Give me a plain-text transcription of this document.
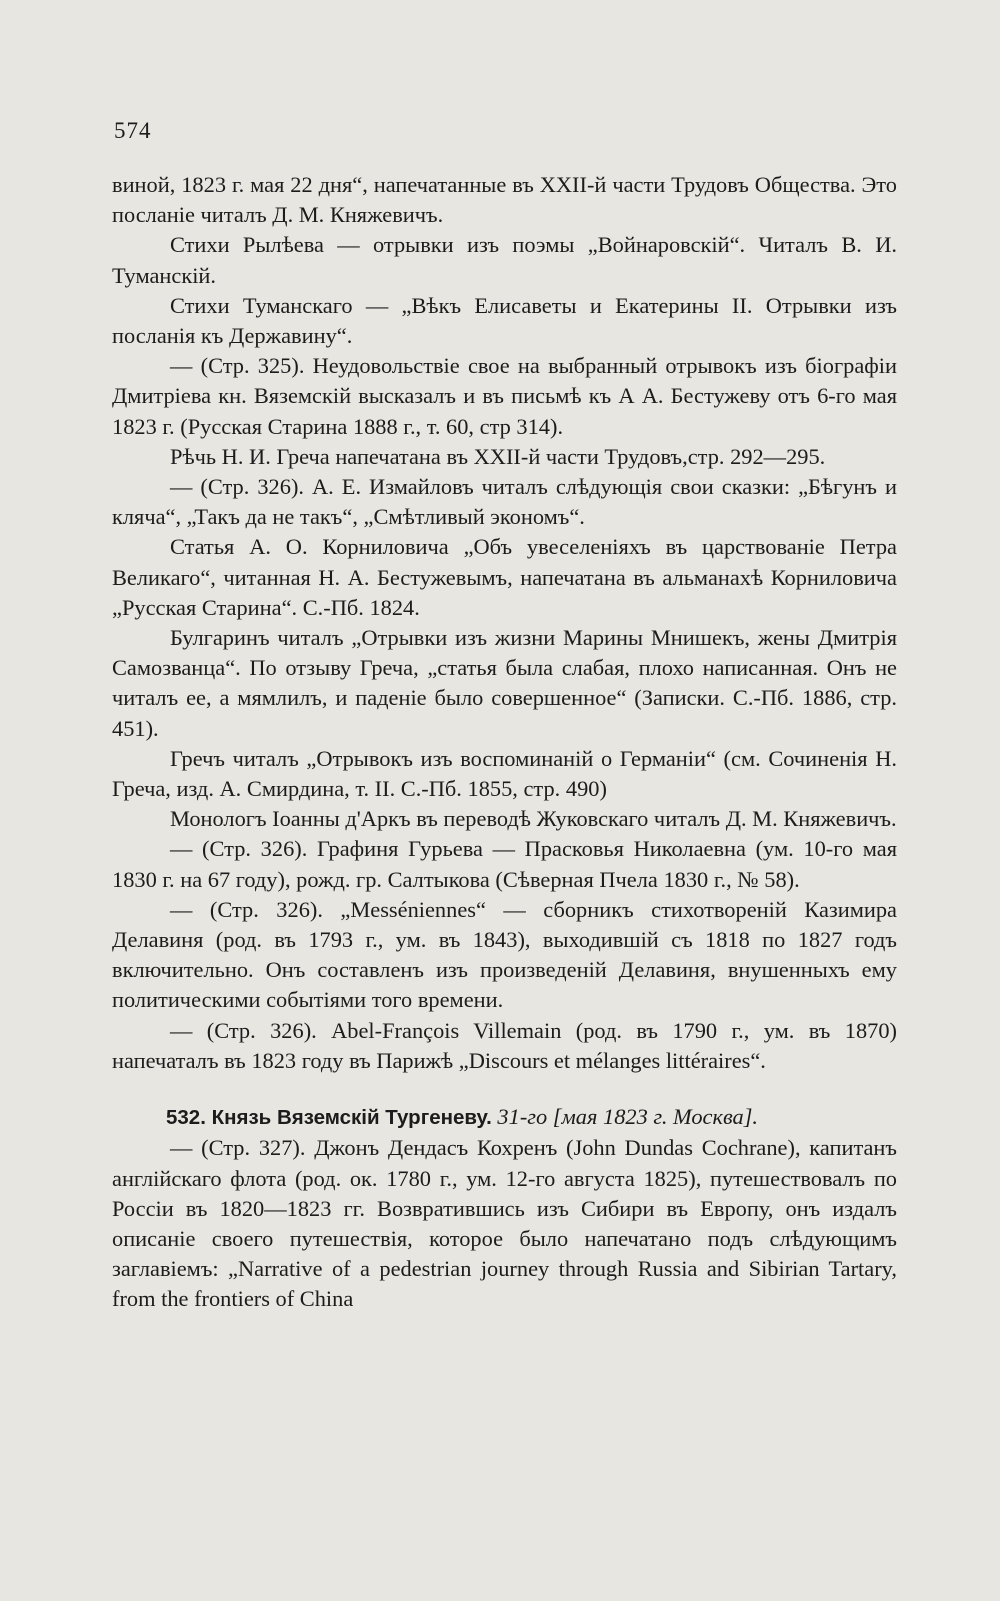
574

виной, 1823 г. мая 22 дня“, напечатанные въ XXII-й части Трудовъ Общества. Это посланіе читалъ Д. М. Княжевичъ.

Стихи Рылѣева — отрывки изъ поэмы „Войнаровскій“. Читалъ В. И. Туманскій.

Стихи Туманскаго — „Вѣкъ Елисаветы и Екатерины II. Отрывки изъ посланія къ Державину“.

— (Стр. 325). Неудовольствіе свое на выбранный отрывокъ изъ біографіи Дмитріева кн. Вяземскій высказалъ и въ письмѣ къ А А. Бестужеву отъ 6-го мая 1823 г. (Русская Старина 1888 г., т. 60, стр 314).

Рѣчь Н. И. Греча напечатана въ XXII-й части Трудовъ,стр. 292—295.

— (Стр. 326). А. Е. Измайловъ читалъ слѣдующія свои сказки: „Бѣгунъ и кляча“, „Такъ да не такъ“, „Смѣтливый экономъ“.

Статья А. О. Корниловича „Объ увеселеніяхъ въ царствованіе Петра Великаго“, читанная Н. А. Бестужевымъ, напечатана въ альманахѣ Корниловича „Русская Старина“. С.-Пб. 1824.

Булгаринъ читалъ „Отрывки изъ жизни Марины Мнишекъ, жены Дмитрія Самозванца“. По отзыву Греча, „статья была слабая, плохо написанная. Онъ не читалъ ее, а мямлилъ, и паденіе было совершенное“ (Записки. С.-Пб. 1886, стр. 451).

Гречъ читалъ „Отрывокъ изъ воспоминаній о Германіи“ (см. Сочиненія Н. Греча, изд. А. Смирдина, т. II. С.-Пб. 1855, стр. 490)

Монологъ Іоанны д'Аркъ въ переводѣ Жуковскаго читалъ Д. М. Княжевичъ.

— (Стр. 326). Графиня Гурьева — Прасковья Николаевна (ум. 10-го мая 1830 г. на 67 году), рожд. гр. Салтыкова (Сѣверная Пчела 1830 г., № 58).

— (Стр. 326). „Messéniennes“ — сборникъ стихотвореній Казимира Делавиня (род. въ 1793 г., ум. въ 1843), выходившій съ 1818 по 1827 годъ включительно. Онъ составленъ изъ произведеній Делавиня, внушенныхъ ему политическими событіями того времени.

— (Стр. 326). Abel-François Villemain (род. въ 1790 г., ум. въ 1870) напечаталъ въ 1823 году въ Парижѣ „Discours et mélanges littéraires“.

532. Князь Вяземскій Тургеневу. 31-го [мая 1823 г. Москва].

— (Стр. 327). Джонъ Дендасъ Кохренъ (John Dundas Cochrane), капитанъ англійскаго флота (род. ок. 1780 г., ум. 12-го августа 1825), путешествовалъ по Россіи въ 1820—1823 гг. Возвратившись изъ Сибири въ Европу, онъ издалъ описаніе своего путешествія, которое было напечатано подъ слѣдующимъ заглавіемъ: „Narrative of a pedestrian journey through Russia and Sibirian Tartary, from the frontiers of China
